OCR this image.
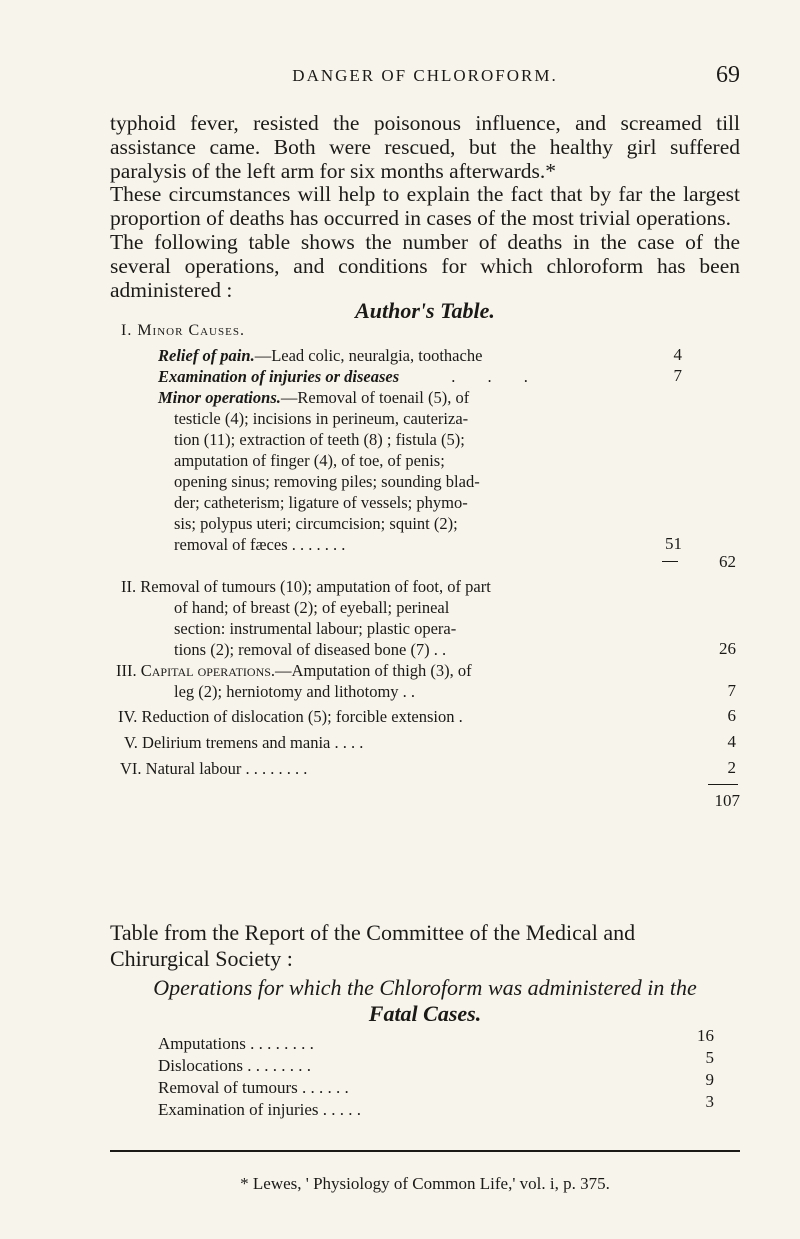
DANGER OF CHLOROFORM.	69

typhoid fever, resisted the poisonous influence, and screamed till assistance came. Both were rescued, but the healthy girl suffered paralysis of the left arm for six months afterwards.*

These circumstances will help to explain the fact that by far the largest proportion of deaths has occurred in cases of the most trivial operations.

The following table shows the number of deaths in the case of the several operations, and conditions for which chloroform has been administered :

Author's Table.
I. Minor Causes.
Relief of pain.—Lead colic, neuralgia, toothache	4
Examination of injuries or diseases	. . .	7
Minor operations.—Removal of toenail (5), of
testicle (4); incisions in perineum, cauteriza-
tion (11); extraction of teeth (8) ; fistula (5);
amputation of finger (4), of toe, of penis;
opening sinus; removing piles; sounding blad-
der; catheterism; ligature of vessels; phymo-
sis; polypus uteri; circumcision; squint (2);
removal of fæces . . . . . . .	51
62
II. Removal of tumours (10); amputation of foot, of part
of hand; of breast (2); of eyeball; perineal
section: instrumental labour; plastic opera-
tions (2); removal of diseased bone (7) . .	26
III. Capital operations.—Amputation of thigh (3), of
leg (2); herniotomy and lithotomy . .	7
IV. Reduction of dislocation (5); forcible extension .	6
V. Delirium tremens and mania . . . .	4
VI. Natural labour . . . . . . . .	2
107
Table from the Report of the Committee of the Medical and Chirurgical Society :
Operations for which the Chloroform was administered in the
Fatal Cases.
Amputations . . . . . . . .	16
Dislocations . . . . . . . .	5
Removal of tumours . . . . . .	9
Examination of injuries . . . . .	3
* Lewes, ' Physiology of Common Life,' vol. i, p. 375.
